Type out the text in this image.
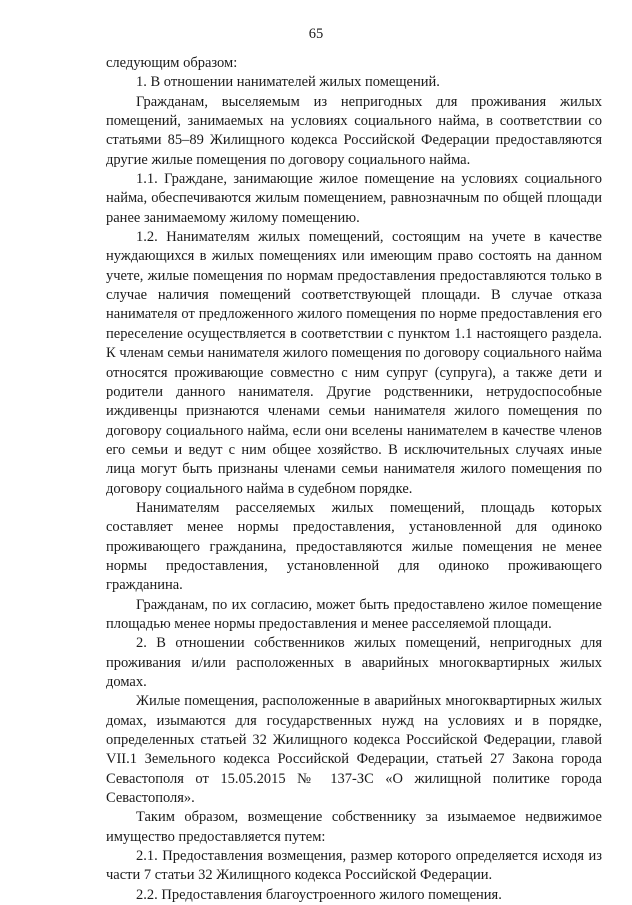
65

следующим образом:

1. В отношении нанимателей жилых помещений.

Гражданам, выселяемым из непригодных для проживания жилых помещений, занимаемых на условиях социального найма, в соответствии со статьями 85–89 Жилищного кодекса Российской Федерации предоставляются другие жилые помещения по договору социального найма.

1.1. Граждане, занимающие жилое помещение на условиях социального найма, обеспечиваются жилым помещением, равнозначным по общей площади ранее занимаемому жилому помещению.

1.2. Нанимателям жилых помещений, состоящим на учете в качестве нуждающихся в жилых помещениях или имеющим право состоять на данном учете, жилые помещения по нормам предоставления предоставляются только в случае наличия помещений соответствующей площади. В случае отказа нанимателя от предложенного жилого помещения по норме предоставления его переселение осуществляется в соответствии с пунктом 1.1 настоящего раздела. К членам семьи нанимателя жилого помещения по договору социального найма относятся проживающие совместно с ним супруг (супруга), а также дети и родители данного нанимателя. Другие родственники, нетрудоспособные иждивенцы признаются членами семьи нанимателя жилого помещения по договору социального найма, если они вселены нанимателем в качестве членов его семьи и ведут с ним общее хозяйство. В исключительных случаях иные лица могут быть признаны членами семьи нанимателя жилого помещения по договору социального найма в судебном порядке.

Нанимателям расселяемых жилых помещений, площадь которых составляет менее нормы предоставления, установленной для одиноко проживающего гражданина, предоставляются жилые помещения не менее нормы предоставления, установленной для одиноко проживающего гражданина.

Гражданам, по их согласию, может быть предоставлено жилое помещение площадью менее нормы предоставления и менее расселяемой площади.

2. В отношении собственников жилых помещений, непригодных для проживания и/или расположенных в аварийных многоквартирных жилых домах.

Жилые помещения, расположенные в аварийных многоквартирных жилых домах, изымаются для государственных нужд на условиях и в порядке, определенных статьей 32 Жилищного кодекса Российской Федерации, главой VII.1 Земельного кодекса Российской Федерации, статьей 27 Закона города Севастополя от 15.05.2015 № 137-ЗС «О жилищной политике города Севастополя».

Таким образом, возмещение собственнику за изымаемое недвижимое имущество предоставляется путем:

2.1. Предоставления возмещения, размер которого определяется исходя из части 7 статьи 32 Жилищного кодекса Российской Федерации.

2.2. Предоставления благоустроенного жилого помещения.
